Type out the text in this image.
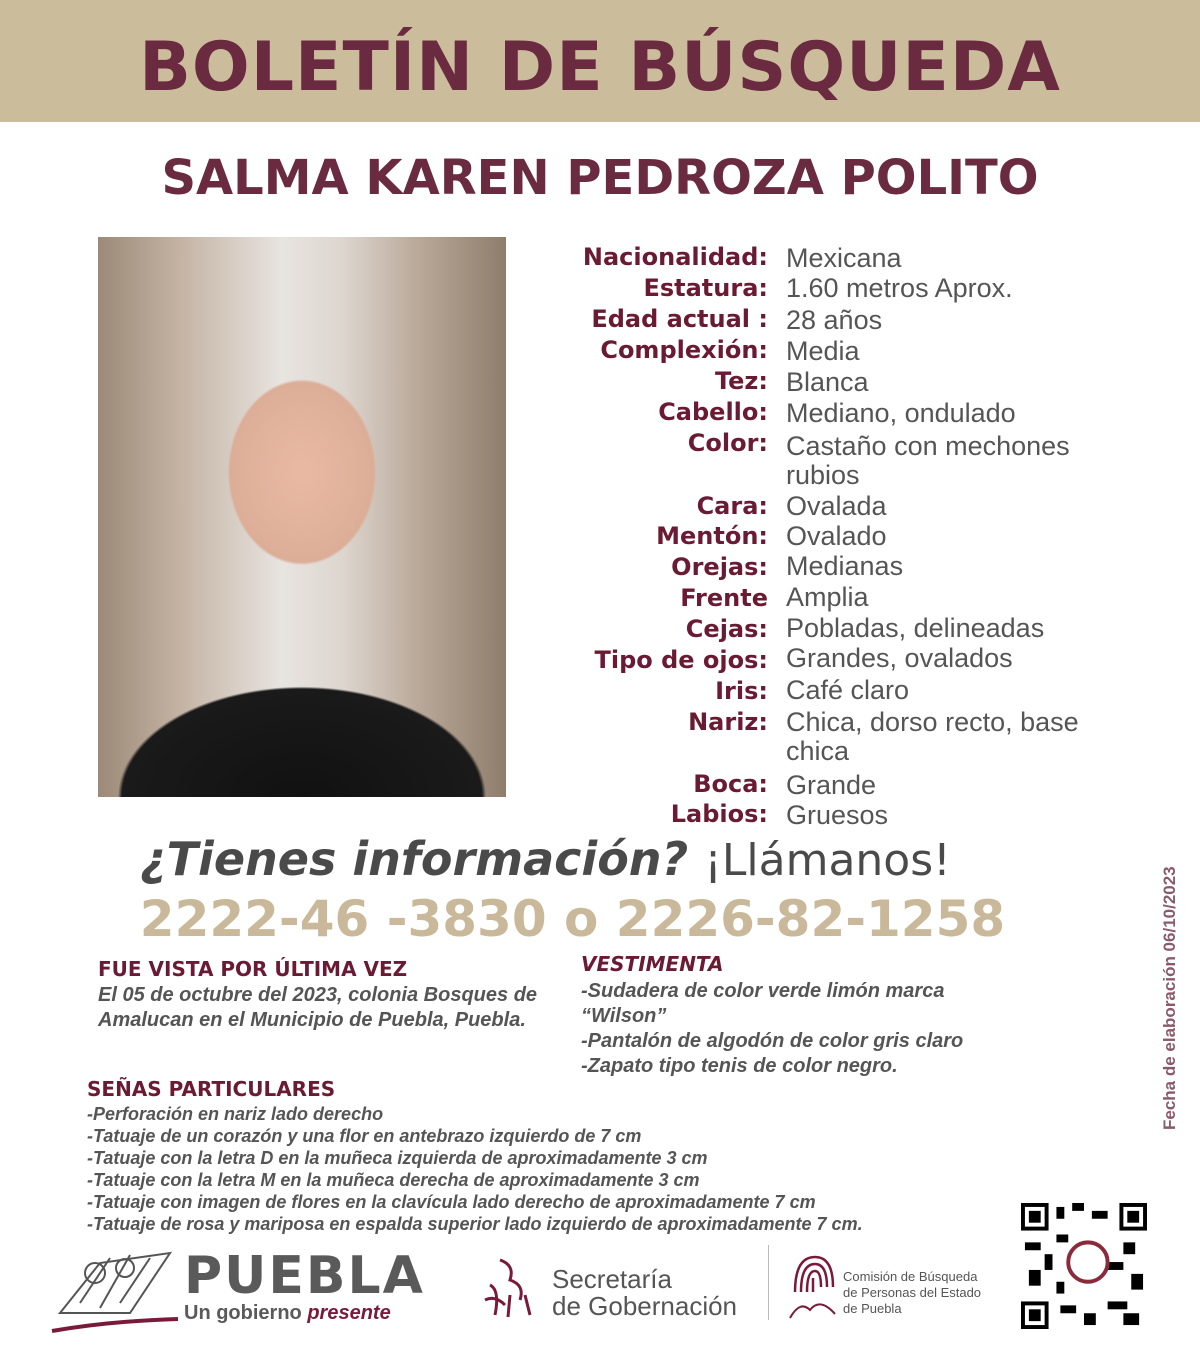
BOLETÍN DE BÚSQUEDA
SALMA KAREN PEDROZA POLITO
Nacionalidad: Mexicana
Estatura: 1.60 metros Aprox.
Edad actual : 28 años
Complexión: Media
Tez: Blanca
Cabello: Mediano, ondulado
Color: Castaño con mechones rubios
Cara: Ovalada
Mentón: Ovalado
Orejas: Medianas
Frente Amplia
Cejas: Pobladas, delineadas
Tipo de ojos: Grandes, ovalados
Iris: Café claro
Nariz: Chica, dorso recto, base chica
Boca: Grande
Labios: Gruesos
¿Tienes información? ¡Llámanos!
2222-46 -3830 o 2226-82-1258
FUE VISTA POR ÚLTIMA VEZ
El 05 de octubre del 2023, colonia Bosques de Amalucan en el Municipio de Puebla, Puebla.
VESTIMENTA
-Sudadera de color verde limón marca “Wilson”
-Pantalón de algodón de color gris claro
-Zapato tipo tenis de color negro.
SEÑAS PARTICULARES
-Perforación en nariz lado derecho
-Tatuaje de un corazón y una flor en antebrazo izquierdo de 7 cm
-Tatuaje con la letra D en la muñeca izquierda de aproximadamente 3 cm
-Tatuaje con la letra M en la muñeca derecha de aproximadamente 3 cm
-Tatuaje con imagen de flores en la clavícula lado derecho de aproximadamente 7 cm
-Tatuaje de rosa y mariposa en espalda superior lado izquierdo de aproximadamente 7 cm.
Fecha de elaboración 06/10/2023
PUEBLA
Un gobierno presente
Secretaría
de Gobernación
Comisión de Búsqueda
de Personas del Estado
de Puebla
